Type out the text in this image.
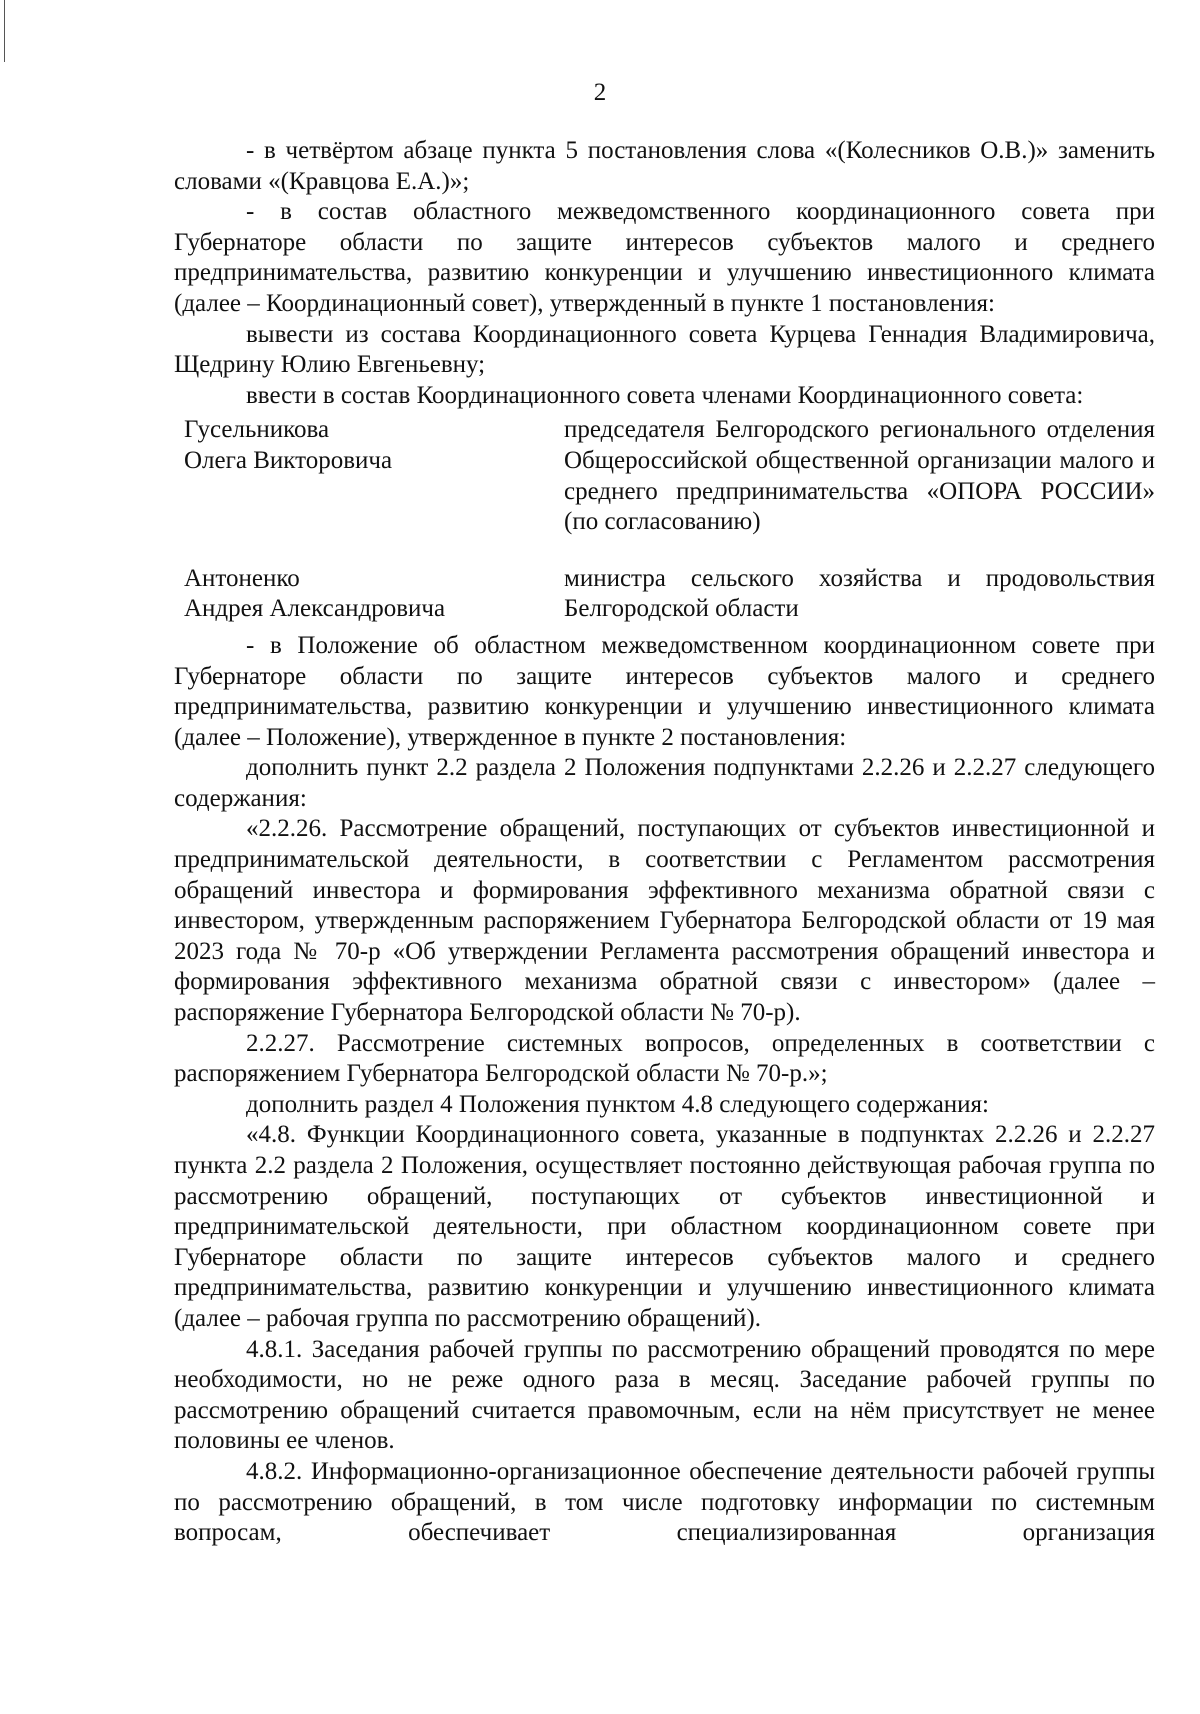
2

- в четвёртом абзаце пункта 5 постановления слова «(Колесников О.В.)» заменить словами «(Кравцова Е.А.)»;

- в состав областного межведомственного координационного совета при Губернаторе области по защите интересов субъектов малого и среднего предпринимательства, развитию конкуренции и улучшению инвестиционного климата (далее – Координационный совет), утвержденный в пункте 1 постановления:

вывести из состава Координационного совета Курцева Геннадия Владимировича, Щедрину Юлию Евгеньевну;

ввести в состав Координационного совета членами Координационного совета:

Гусельникова
Олега Викторовича
председателя Белгородского регионального отделения Общероссийской общественной организации малого и среднего предпринимательства «ОПОРА РОССИИ» (по согласованию)
Антоненко
Андрея Александровича
министра сельского хозяйства и продовольствия Белгородской области

- в Положение об областном межведомственном координационном совете при Губернаторе области по защите интересов субъектов малого и среднего предпринимательства, развитию конкуренции и улучшению инвестиционного климата (далее – Положение), утвержденное в пункте 2 постановления:

дополнить пункт 2.2 раздела 2 Положения подпунктами 2.2.26 и 2.2.27 следующего содержания:

«2.2.26. Рассмотрение обращений, поступающих от субъектов инвестиционной и предпринимательской деятельности, в соответствии с Регламентом рассмотрения обращений инвестора и формирования эффективного механизма обратной связи с инвестором, утвержденным распоряжением Губернатора Белгородской области от 19 мая 2023 года № 70-р «Об утверждении Регламента рассмотрения обращений инвестора и формирования эффективного механизма обратной связи с инвестором» (далее – распоряжение Губернатора Белгородской области № 70-р).

2.2.27. Рассмотрение системных вопросов, определенных в соответствии с распоряжением Губернатора Белгородской области № 70-р.»;

дополнить раздел 4 Положения пунктом 4.8 следующего содержания:

«4.8. Функции Координационного совета, указанные в подпунктах 2.2.26 и 2.2.27 пункта 2.2 раздела 2 Положения, осуществляет постоянно действующая рабочая группа по рассмотрению обращений, поступающих от субъектов инвестиционной и предпринимательской деятельности, при областном координационном совете при Губернаторе области по защите интересов субъектов малого и среднего предпринимательства, развитию конкуренции и улучшению инвестиционного климата (далее – рабочая группа по рассмотрению обращений).

4.8.1. Заседания рабочей группы по рассмотрению обращений проводятся по мере необходимости, но не реже одного раза в месяц. Заседание рабочей группы по рассмотрению обращений считается правомочным, если на нём присутствует не менее половины ее членов.

4.8.2. Информационно-организационное обеспечение деятельности рабочей группы по рассмотрению обращений, в том числе подготовку информации по системным вопросам, обеспечивает специализированная организация
